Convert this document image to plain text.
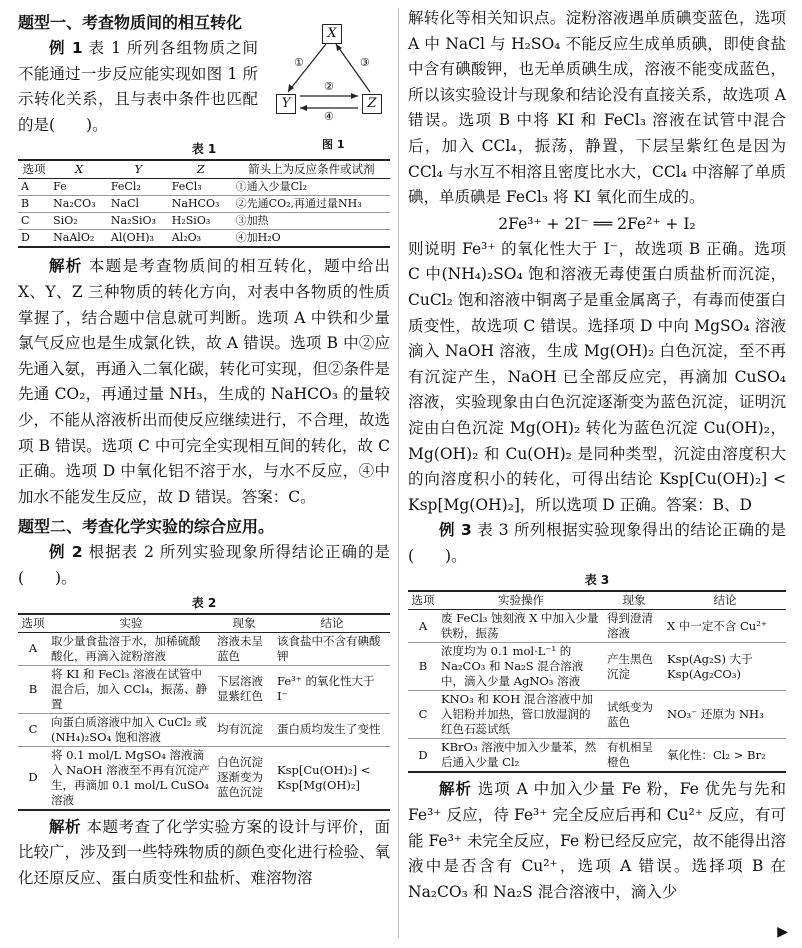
题型一、考查物质间的相互转化

例 1 表 1 所列各组物质之间不能通过一步反应能实现如图 1 所示转化关系，且与表中条件也匹配的是(　　)。

X
Y	Z
①	③
②
④
图 1
表 1
选项	X	Y	Z	箭头上为反应条件或试剂
A	Fe	FeCl₂	FeCl₃	①通入少量Cl₂
B	Na₂CO₃	NaCl	NaHCO₃	②先通CO₂,再通过量NH₃
C	SiO₂	Na₂SiO₃	H₂SiO₃	③加热
D	NaAlO₂	Al(OH)₃	Al₂O₃	④加H₂O

解析 本题是考查物质间的相互转化，题中给出 X、Y、Z 三种物质的转化方向，对表中各物质的性质掌握了，结合题中信息就可判断。选项 A 中铁和少量氯气反应也是生成氯化铁，故 A 错误。选项 B 中②应先通入氨，再通入二氧化碳，转化可实现，但②条件是先通 CO₂，再通过量 NH₃，生成的 NaHCO₃ 的量较少，不能从溶液析出而使反应继续进行，不合理，故选项 B 错误。选项 C 中可完全实现相互间的转化，故 C 正确。选项 D 中氧化铝不溶于水，与水不反应，④中加水不能发生反应，故 D 错误。答案：C。

题型二、考查化学实验的综合应用。

例 2 根据表 2 所列实验现象所得结论正确的是(　　)。

表 2
选项	实验	现象	结论
A	取少量食盐溶于水，加稀硫酸酸化，再滴入淀粉溶液	溶液未呈蓝色	该食盐中不含有碘酸钾
B	将 KI 和 FeCl₃ 溶液在试管中混合后，加入 CCl₄，振荡、静置	下层溶液显紫红色	Fe³⁺ 的氧化性大于 I⁻
C	向蛋白质溶液中加入 CuCl₂ 或(NH₄)₂SO₄ 饱和溶液	均有沉淀	蛋白质均发生了变性
D	将 0.1 mol/L MgSO₄ 溶液滴入 NaOH 溶液至不再有沉淀产生，再滴加 0.1 mol/L CuSO₄ 溶液	白色沉淀逐渐变为蓝色沉淀	Ksp[Cu(OH)₂] < Ksp[Mg(OH)₂]

解析 本题考查了化学实验方案的设计与评价，面比较广，涉及到一些特殊物质的颜色变化进行检验、氧化还原反应、蛋白质变性和盐析、难溶物溶

解转化等相关知识点。淀粉溶液遇单质碘变蓝色，选项 A 中 NaCl 与 H₂SO₄ 不能反应生成单质碘，即使食盐中含有碘酸钾，也无单质碘生成，溶液不能变成蓝色，所以该实验设计与现象和结论没有直接关系，故选项 A 错误。选项 B 中将 KI 和 FeCl₃ 溶液在试管中混合后，加入 CCl₄，振荡，静置，下层呈紫红色是因为 CCl₄ 与水互不相溶且密度比水大，CCl₄ 中溶解了单质碘，单质碘是 FeCl₃ 将 KI 氧化而生成的。

2Fe³⁺ + 2I⁻ ══ 2Fe²⁺ + I₂

则说明 Fe³⁺ 的氧化性大于 I⁻，故选项 B 正确。选项 C 中(NH₄)₂SO₄ 饱和溶液无毒使蛋白质盐析而沉淀，CuCl₂ 饱和溶液中铜离子是重金属离子，有毒而使蛋白质变性，故选项 C 错误。选择项 D 中向 MgSO₄ 溶液滴入 NaOH 溶液，生成 Mg(OH)₂ 白色沉淀，至不再有沉淀产生，NaOH 已全部反应完，再滴加 CuSO₄ 溶液，实验现象由白色沉淀逐渐变为蓝色沉淀，证明沉淀由白色沉淀 Mg(OH)₂ 转化为蓝色沉淀 Cu(OH)₂，Mg(OH)₂ 和 Cu(OH)₂ 是同种类型，沉淀由溶度积大的向溶度积小的转化，可得出结论 Ksp[Cu(OH)₂] < Ksp[Mg(OH)₂]，所以选项 D 正确。答案：B、D

例 3 表 3 所列根据实验现象得出的结论正确的是(　　)。

表 3
选项	实验操作	现象	结论
A	废 FeCl₃ 蚀刻液 X 中加入少量铁粉，振荡	得到澄清溶液	X 中一定不含 Cu²⁺
B	浓度均为 0.1 mol·L⁻¹ 的 Na₂CO₃ 和 Na₂S 混合溶液中，滴入少量 AgNO₃ 溶液	产生黑色沉淀	Ksp(Ag₂S) 大于 Ksp(Ag₂CO₃)
C	KNO₃ 和 KOH 混合溶液中加入铝粉并加热，管口放湿润的红色石蕊试纸	试纸变为蓝色	NO₃⁻ 还原为 NH₃
D	KBrO₃ 溶液中加入少量苯，然后通入少量 Cl₂	有机相呈橙色	氧化性：Cl₂ > Br₂

解析 选项 A 中加入少量 Fe 粉，Fe 优先与先和 Fe³⁺ 反应，待 Fe³⁺ 完全反应后再和 Cu²⁺ 反应，有可能 Fe³⁺ 未完全反应，Fe 粉已经反应完，故不能得出溶液中是否含有 Cu²⁺，选项 A 错误。选择项 B 在 Na₂CO₃ 和 Na₂S 混合溶液中，滴入少

▶
